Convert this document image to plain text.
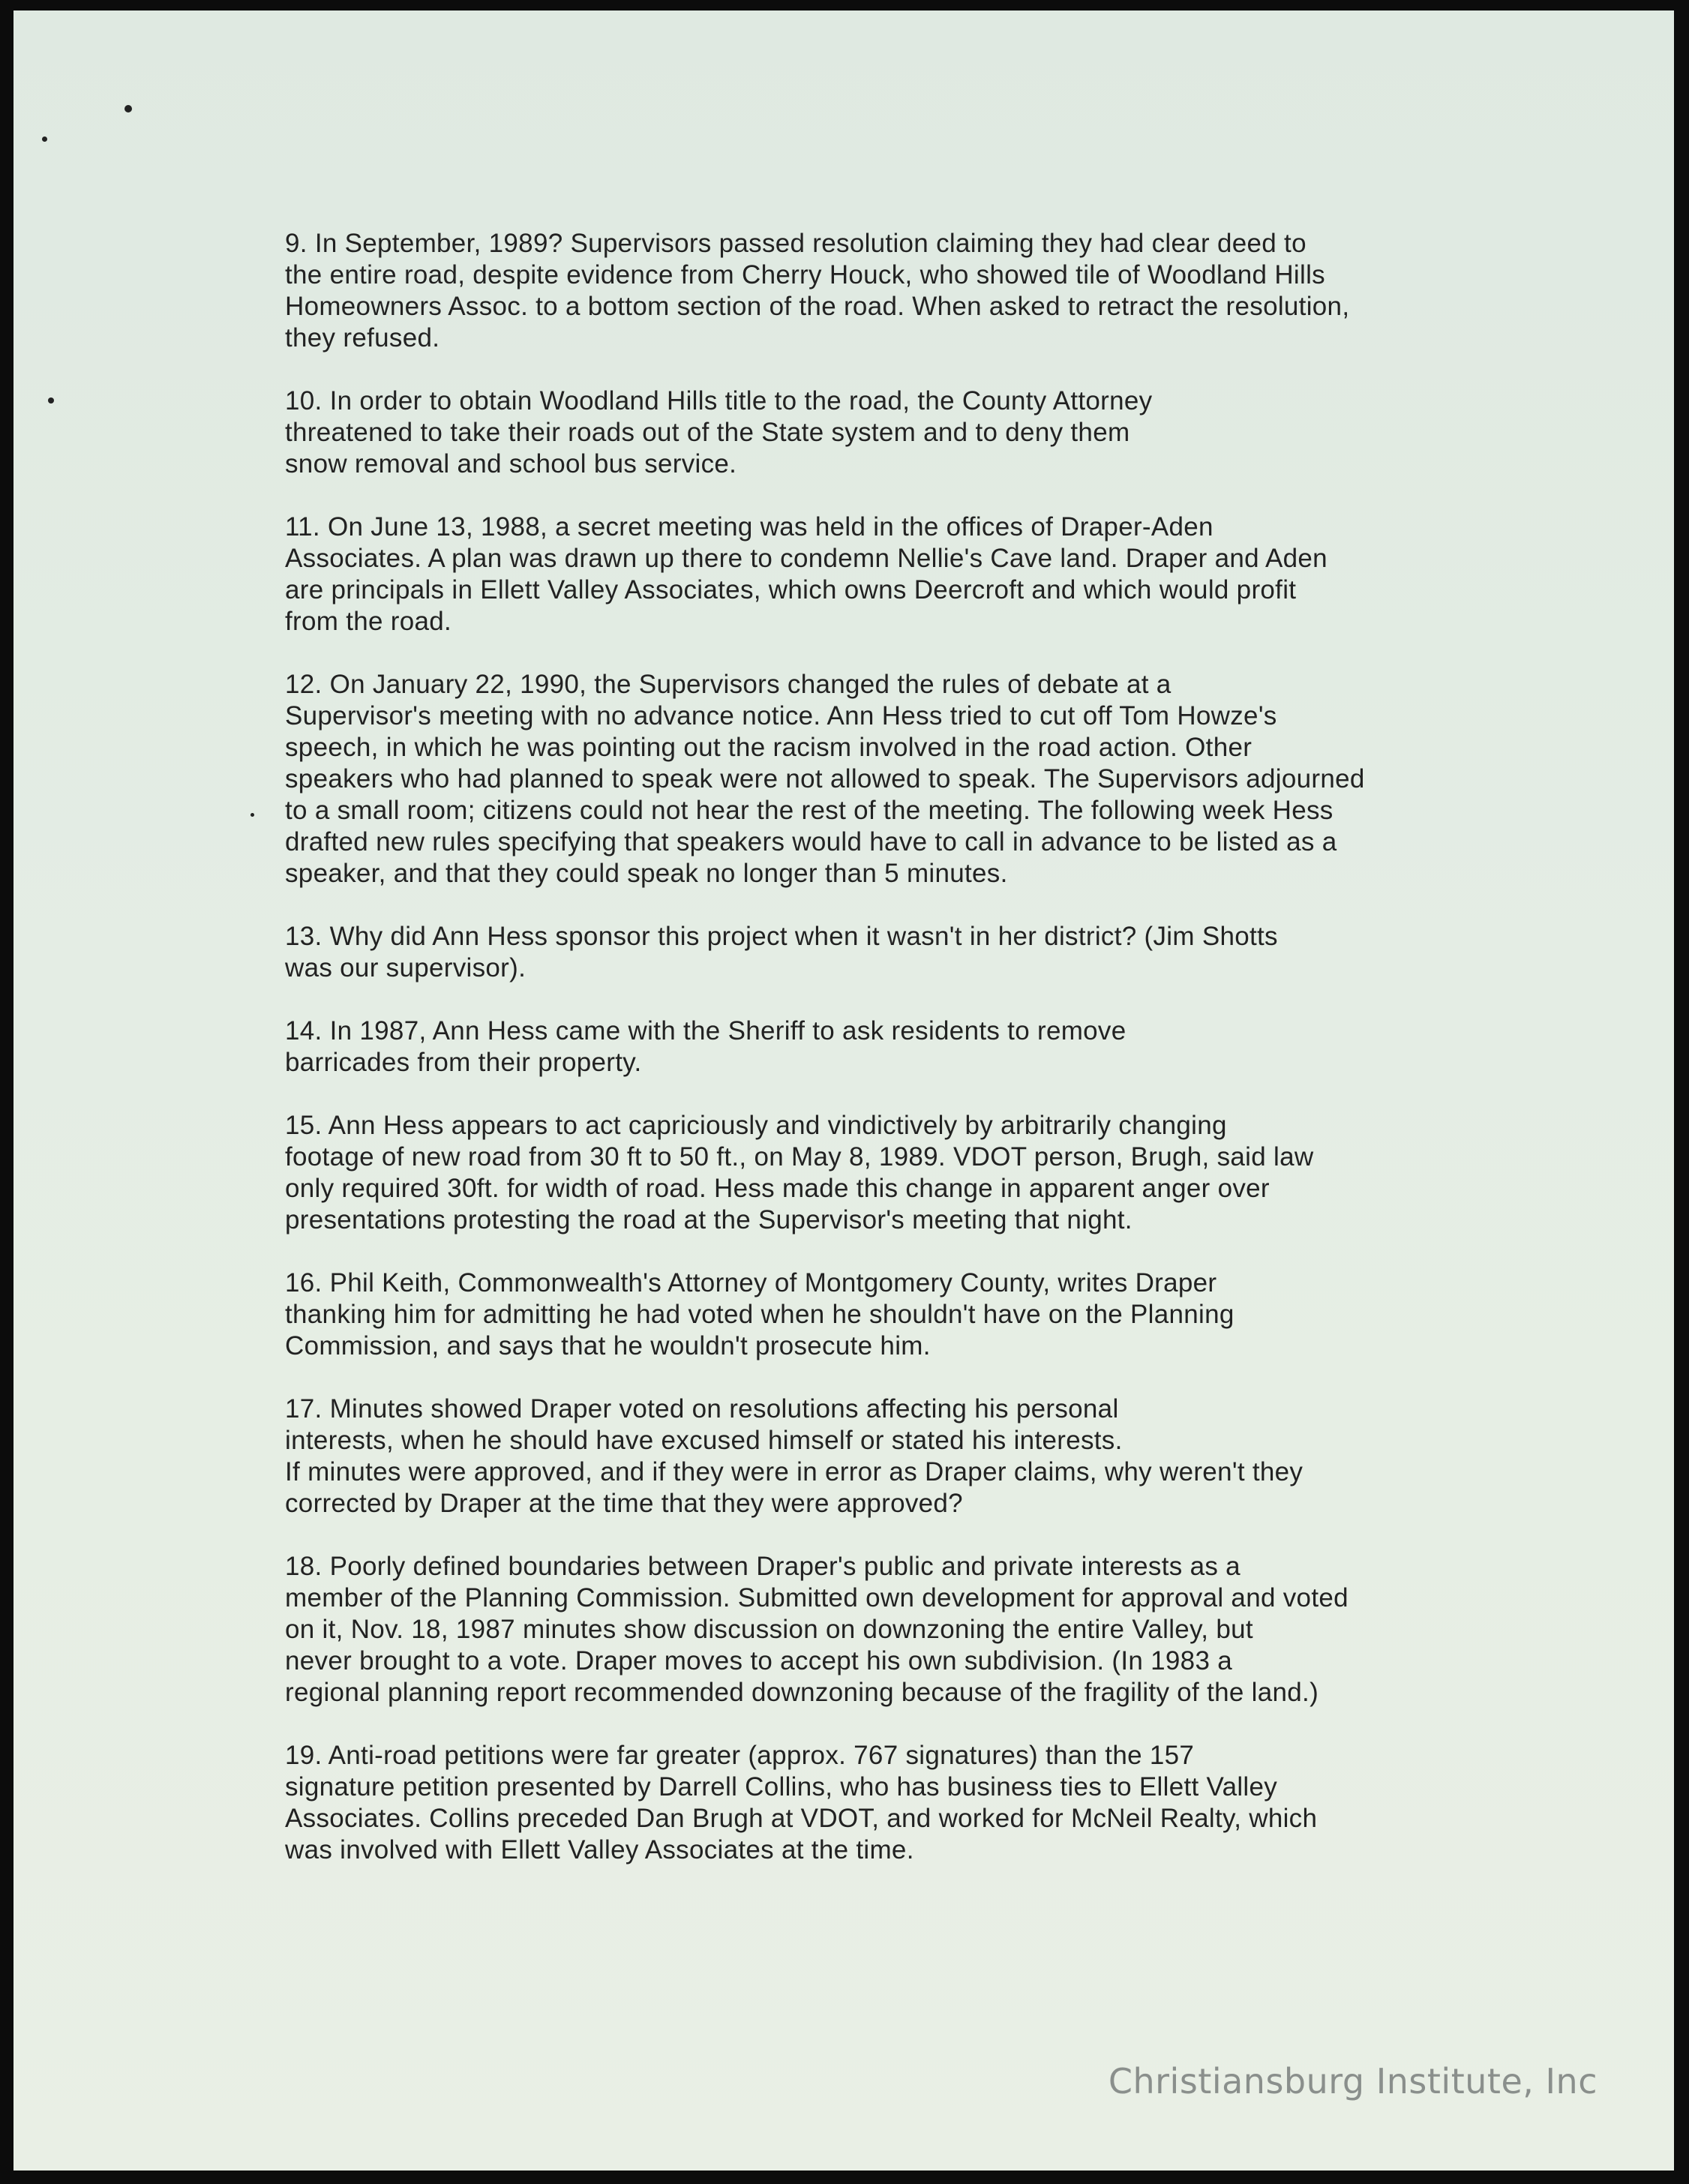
9. In September, 1989? Supervisors passed resolution claiming they had clear deed to
the entire road, despite evidence from Cherry Houck, who showed tile of Woodland Hills
Homeowners Assoc. to a bottom section of the road. When asked to retract the resolution,
they refused.

10. In order to obtain Woodland Hills title to the road, the County Attorney
threatened to take their roads out of the State system and to deny them
snow removal and school bus service.

11. On June 13, 1988, a secret meeting was held in the offices of Draper-Aden
Associates. A plan was drawn up there to condemn Nellie's Cave land. Draper and Aden
are principals in Ellett Valley Associates, which owns Deercroft and which would profit
from the road.

12. On January 22, 1990, the Supervisors changed the rules of debate at a
Supervisor's meeting with no advance notice. Ann Hess tried to cut off Tom Howze's
speech, in which he was pointing out the racism involved in the road action. Other
speakers who had planned to speak were not allowed to speak. The Supervisors adjourned
to a small room; citizens could not hear the rest of the meeting. The following week Hess
drafted new rules specifying that speakers would have to call in advance to be listed as a
speaker, and that they could speak no longer than 5 minutes.

13. Why did Ann Hess sponsor this project when it wasn't in her district? (Jim Shotts
was our supervisor).

14. In 1987, Ann Hess came with the Sheriff to ask residents to remove
barricades from their property.

15. Ann Hess appears to act capriciously and vindictively by arbitrarily changing
footage of new road from 30 ft to 50 ft., on May 8, 1989. VDOT person, Brugh, said law
only required 30ft. for width of road. Hess made this change in apparent anger over
presentations protesting the road at the Supervisor's meeting that night.

16. Phil Keith, Commonwealth's Attorney of Montgomery County, writes Draper
thanking him for admitting he had voted when he shouldn't have on the Planning
Commission, and says that he wouldn't prosecute him.

17. Minutes showed Draper voted on resolutions affecting his personal
interests, when he should have excused himself or stated his interests.
If minutes were approved, and if they were in error as Draper claims, why weren't they
corrected by Draper at the time that they were approved?

18. Poorly defined boundaries between Draper's public and private interests as a
member of the Planning Commission. Submitted own development for approval and voted
on it, Nov. 18, 1987 minutes show discussion on downzoning the entire Valley, but
never brought to a vote. Draper moves to accept his own subdivision. (In 1983 a
regional planning report recommended downzoning because of the fragility of the land.)

19. Anti-road petitions were far greater (approx. 767 signatures) than the 157
signature petition presented by Darrell Collins, who has business ties to Ellett Valley
Associates. Collins preceded Dan Brugh at VDOT, and worked for McNeil Realty, which
was involved with Ellett Valley Associates at the time.

Christiansburg Institute, Inc
